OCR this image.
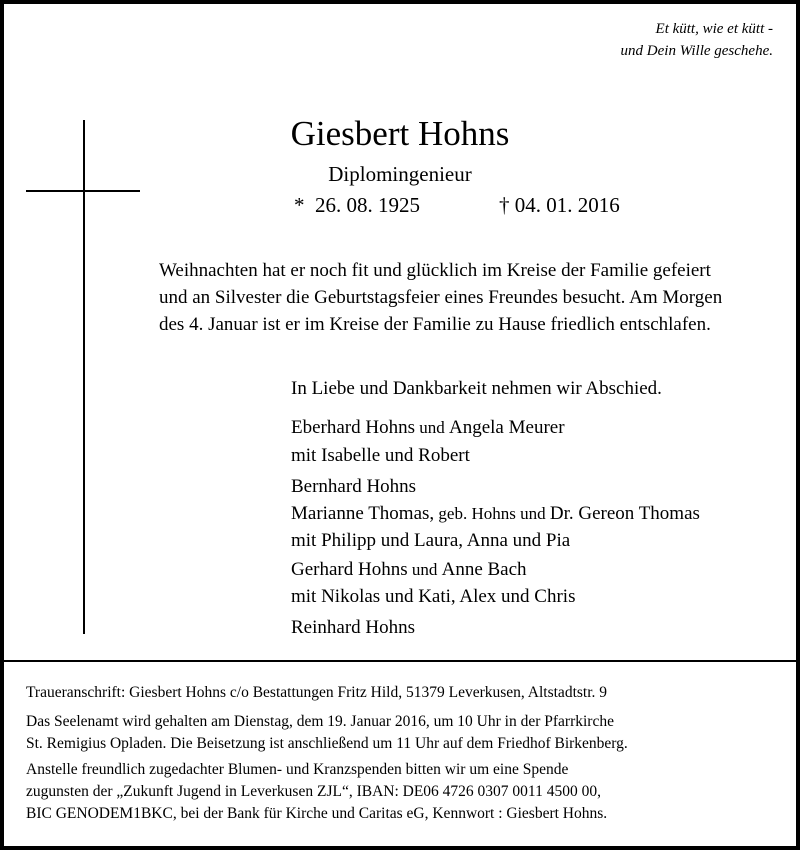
Et kütt, wie et kütt -
und Dein Wille geschehe.
Giesbert Hohns
Diplomingenieur
* 26. 08. 1925	† 04. 01. 2016
Weihnachten hat er noch fit und glücklich im Kreise der Familie gefeiert
und an Silvester die Geburtstagsfeier eines Freundes besucht. Am Morgen
des 4. Januar ist er im Kreise der Familie zu Hause friedlich entschlafen.
In Liebe und Dankbarkeit nehmen wir Abschied.
Eberhard Hohns und Angela Meurer
mit Isabelle und Robert
Bernhard Hohns
Marianne Thomas, geb. Hohns und Dr. Gereon Thomas
mit Philipp und Laura, Anna und Pia
Gerhard Hohns und Anne Bach
mit Nikolas und Kati, Alex und Chris
Reinhard Hohns
Traueranschrift: Giesbert Hohns c/o Bestattungen Fritz Hild, 51379 Leverkusen, Altstadtstr. 9
Das Seelenamt wird gehalten am Dienstag, dem 19. Januar 2016, um 10 Uhr in der Pfarrkirche
St. Remigius Opladen. Die Beisetzung ist anschließend um 11 Uhr auf dem Friedhof Birkenberg.
Anstelle freundlich zugedachter Blumen- und Kranzspenden bitten wir um eine Spende
zugunsten der „Zukunft Jugend in Leverkusen ZJL“, IBAN: DE06 4726 0307 0011 4500 00,
BIC GENODEM1BKC, bei der Bank für Kirche und Caritas eG, Kennwort : Giesbert Hohns.
